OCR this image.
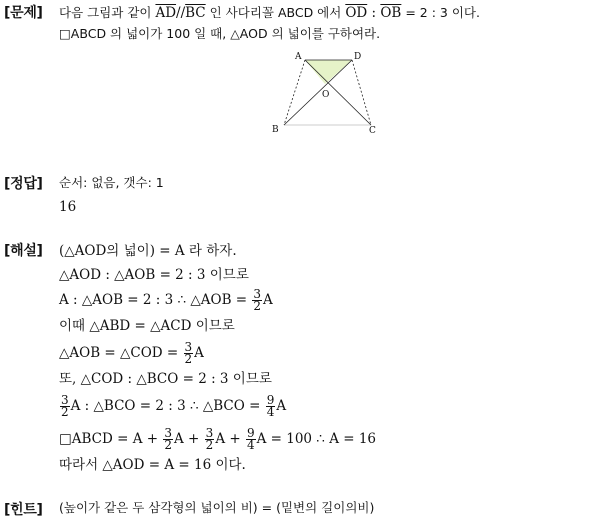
[문제] 다음 그림과 같이 $\overline{AD}//\overline{BC}$ 인 사다리꼴 ABCD 에서 $\overline{OD}$ : $\overline{OB} = 2$ : 3 이다.
□ABCD 의 넓이가 100 일 때, △AOD 의 넓이를 구하여라.
A	D
O
B	C
[정답] 순서: 없음, 갯수: 1
16
[해설] (△AOD의 넓이) = A 라 하자.
△AOD : △AOB = 2 : 3 이므로
A : △AOB = 2 : 3 ∴ △AOB = $\frac{3}{2}$ A
이때 △ABD = △ACD 이므로
△AOB = △COD = $\frac{3}{2}$ A
또, △COD : △BCO = 2 : 3 이므로
$\frac{3}{2}$ A : △BCO = 2 : 3 ∴ △BCO = $\frac{9}{4}$ A
□ABCD = $A + \frac{3}{2}$ $A + \frac{3}{2}$ $A + \frac{9}{4}$ A = 100 ∴ A = 16
따라서 △AOD = A = 16 이다.
[힌트] (높이가 같은 두 삼각형의 넓이의 비) = (밑변의 길이의비)
